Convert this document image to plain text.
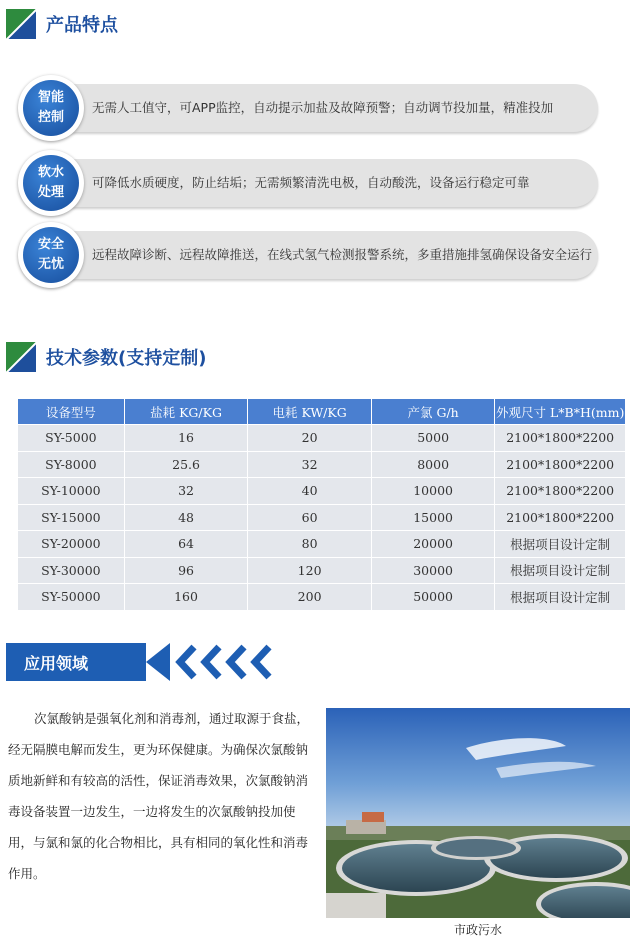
产品特点
无需人工值守，可APP监控，自动提示加盐及故障预警；自动调节投加量，精准投加
智能
控制
可降低水质硬度，防止结垢；无需频繁清洗电极，自动酸洗，设备运行稳定可靠
软水
处理
远程故障诊断、远程故障推送，在线式氢气检测报警系统，多重措施排氢确保设备安全运行
安全
无忧
技术参数(支持定制)
设备型号	盐耗 KG/KG	电耗 KW/KG	产氯 G/h	外观尺寸 L*B*H(mm)
SY-5000	16	20	5000	2100*1800*2200
SY-8000	25.6	32	8000	2100*1800*2200
SY-10000	32	40	10000	2100*1800*2200
SY-15000	48	60	15000	2100*1800*2200
SY-20000	64	80	20000	根据项目设计定制
SY-30000	96	120	30000	根据项目设计定制
SY-50000	160	200	50000	根据项目设计定制
应用领域
次氯酸钠是强氧化剂和消毒剂，通过取源于食盐，经无隔膜电解而发生，更为环保健康。为确保次氯酸钠质地新鲜和有较高的活性，保证消毒效果，次氯酸钠消毒设备装置一边发生，一边将发生的次氯酸钠投加使用，与氯和氯的化合物相比，具有相同的氧化性和消毒作用。
市政污水
